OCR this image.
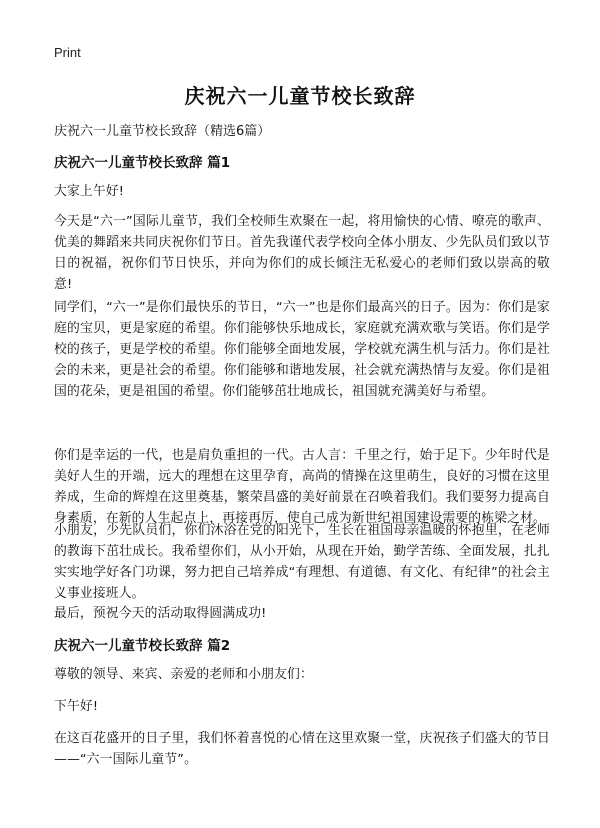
Print
庆祝六一儿童节校长致辞

庆祝六一儿童节校长致辞（精选6篇）

庆祝六一儿童节校长致辞 篇1

大家上午好!

今天是“六一”国际儿童节，我们全校师生欢聚在一起，将用愉快的心情、嘹亮的歌声、优美的舞蹈来共同庆祝你们节日。首先我谨代表学校向全体小朋友、少先队员们致以节日的祝福，祝你们节日快乐，并向为你们的成长倾注无私爱心的老师们致以崇高的敬意!

同学们，“六一”是你们最快乐的节日，“六一”也是你们最高兴的日子。因为：你们是家庭的宝贝，更是家庭的希望。你们能够快乐地成长，家庭就充满欢歌与笑语。你们是学校的孩子，更是学校的希望。你们能够全面地发展，学校就充满生机与活力。你们是社会的未来，更是社会的希望。你们能够和谐地发展，社会就充满热情与友爱。你们是祖国的花朵，更是祖国的希望。你们能够茁壮地成长，祖国就充满美好与希望。

你们是幸运的一代，也是肩负重担的一代。古人言：千里之行，始于足下。少年时代是美好人生的开端，远大的理想在这里孕育，高尚的情操在这里萌生，良好的习惯在这里养成，生命的辉煌在这里奠基，繁荣昌盛的美好前景在召唤着我们。我们要努力提高自身素质，在新的人生起点上，再接再厉，使自己成为新世纪祖国建设需要的栋梁之材。

小朋友，少先队员们，你们沐浴在党的阳光下，生长在祖国母亲温暖的怀抱里，在老师的教诲下茁壮成长。我希望你们，从小开始，从现在开始，勤学苦练、全面发展，扎扎实实地学好各门功课，努力把自己培养成“有理想、有道德、有文化、有纪律”的社会主义事业接班人。

最后，预祝今天的活动取得圆满成功!

庆祝六一儿童节校长致辞 篇2

尊敬的领导、来宾、亲爱的老师和小朋友们：

下午好!

在这百花盛开的日子里，我们怀着喜悦的心情在这里欢聚一堂，庆祝孩子们盛大的节日——“六一国际儿童节”。
